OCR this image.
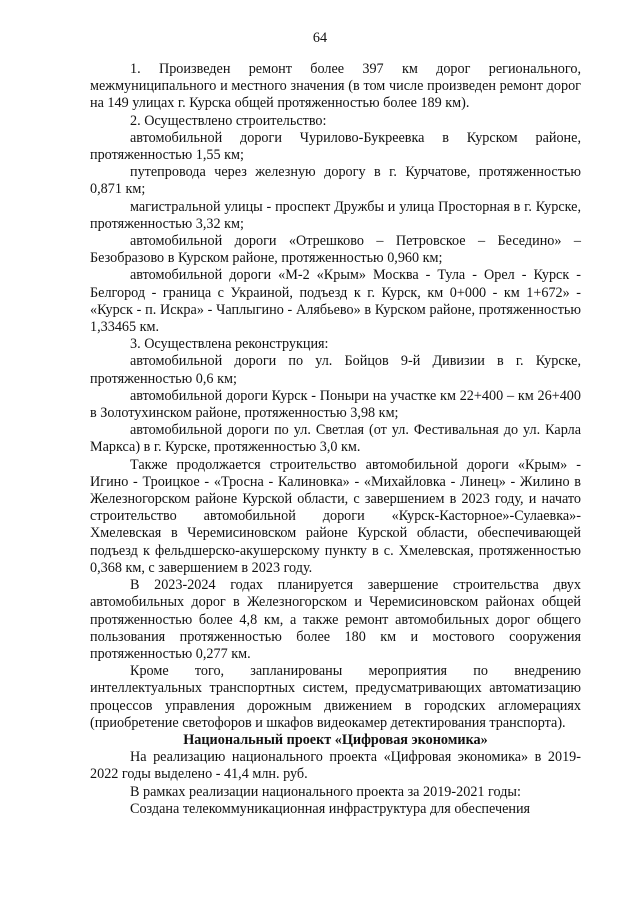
64

1. Произведен ремонт более 397 км дорог регионального, межмуниципального и местного значения (в том числе произведен ремонт дорог на 149 улицах г. Курска общей протяженностью более 189 км).

2. Осуществлено строительство:

автомобильной дороги Чурилово-Букреевка в Курском районе, протяженностью 1,55 км;

путепровода через железную дорогу в г. Курчатове, протяженностью 0,871 км;

магистральной улицы - проспект Дружбы и улица Просторная в г. Курске, протяженностью 3,32 км;

автомобильной дороги «Отрешково – Петровское – Беседино» – Безобразово в Курском районе, протяженностью 0,960 км;

автомобильной дороги «М-2 «Крым» Москва - Тула - Орел - Курск - Белгород - граница с Украиной, подъезд к г. Курск, км 0+000 - км 1+672» - «Курск - п. Искра» - Чаплыгино - Алябьево» в Курском районе, протяженностью 1,33465 км.

3. Осуществлена реконструкция:

автомобильной дороги по ул. Бойцов 9-й Дивизии в г. Курске, протяженностью 0,6 км;

автомобильной дороги Курск - Поныри на участке км 22+400 – км 26+400 в Золотухинском районе, протяженностью 3,98 км;

автомобильной дороги по ул. Светлая (от ул. Фестивальная до ул. Карла Маркса) в г. Курске, протяженностью 3,0 км.

Также продолжается строительство автомобильной дороги «Крым» - Игино - Троицкое - «Тросна - Калиновка» - «Михайловка - Линец» - Жилино в Железногорском районе Курской области, с завершением в 2023 году, и начато строительство автомобильной дороги «Курск-Касторное»-Сулаевка»-Хмелевская в Черемисиновском районе Курской области, обеспечивающей подъезд к фельдшерско-акушерскому пункту в с. Хмелевская, протяженностью 0,368 км, с завершением в 2023 году.

В 2023-2024 годах планируется завершение строительства двух автомобильных дорог в Железногорском и Черемисиновском районах общей протяженностью более 4,8 км, а также ремонт автомобильных дорог общего пользования протяженностью более 180 км и мостового сооружения протяженностью 0,277 км.

Кроме того, запланированы мероприятия по внедрению интеллектуальных транспортных систем, предусматривающих автоматизацию процессов управления дорожным движением в городских агломерациях (приобретение светофоров и шкафов видеокамер детектирования транспорта).

Национальный проект «Цифровая экономика»

На реализацию национального проекта «Цифровая экономика» в 2019-2022 годы выделено - 41,4 млн. руб.

В рамках реализации национального проекта за 2019-2021 годы:

Создана телекоммуникационная инфраструктура для обеспечения
